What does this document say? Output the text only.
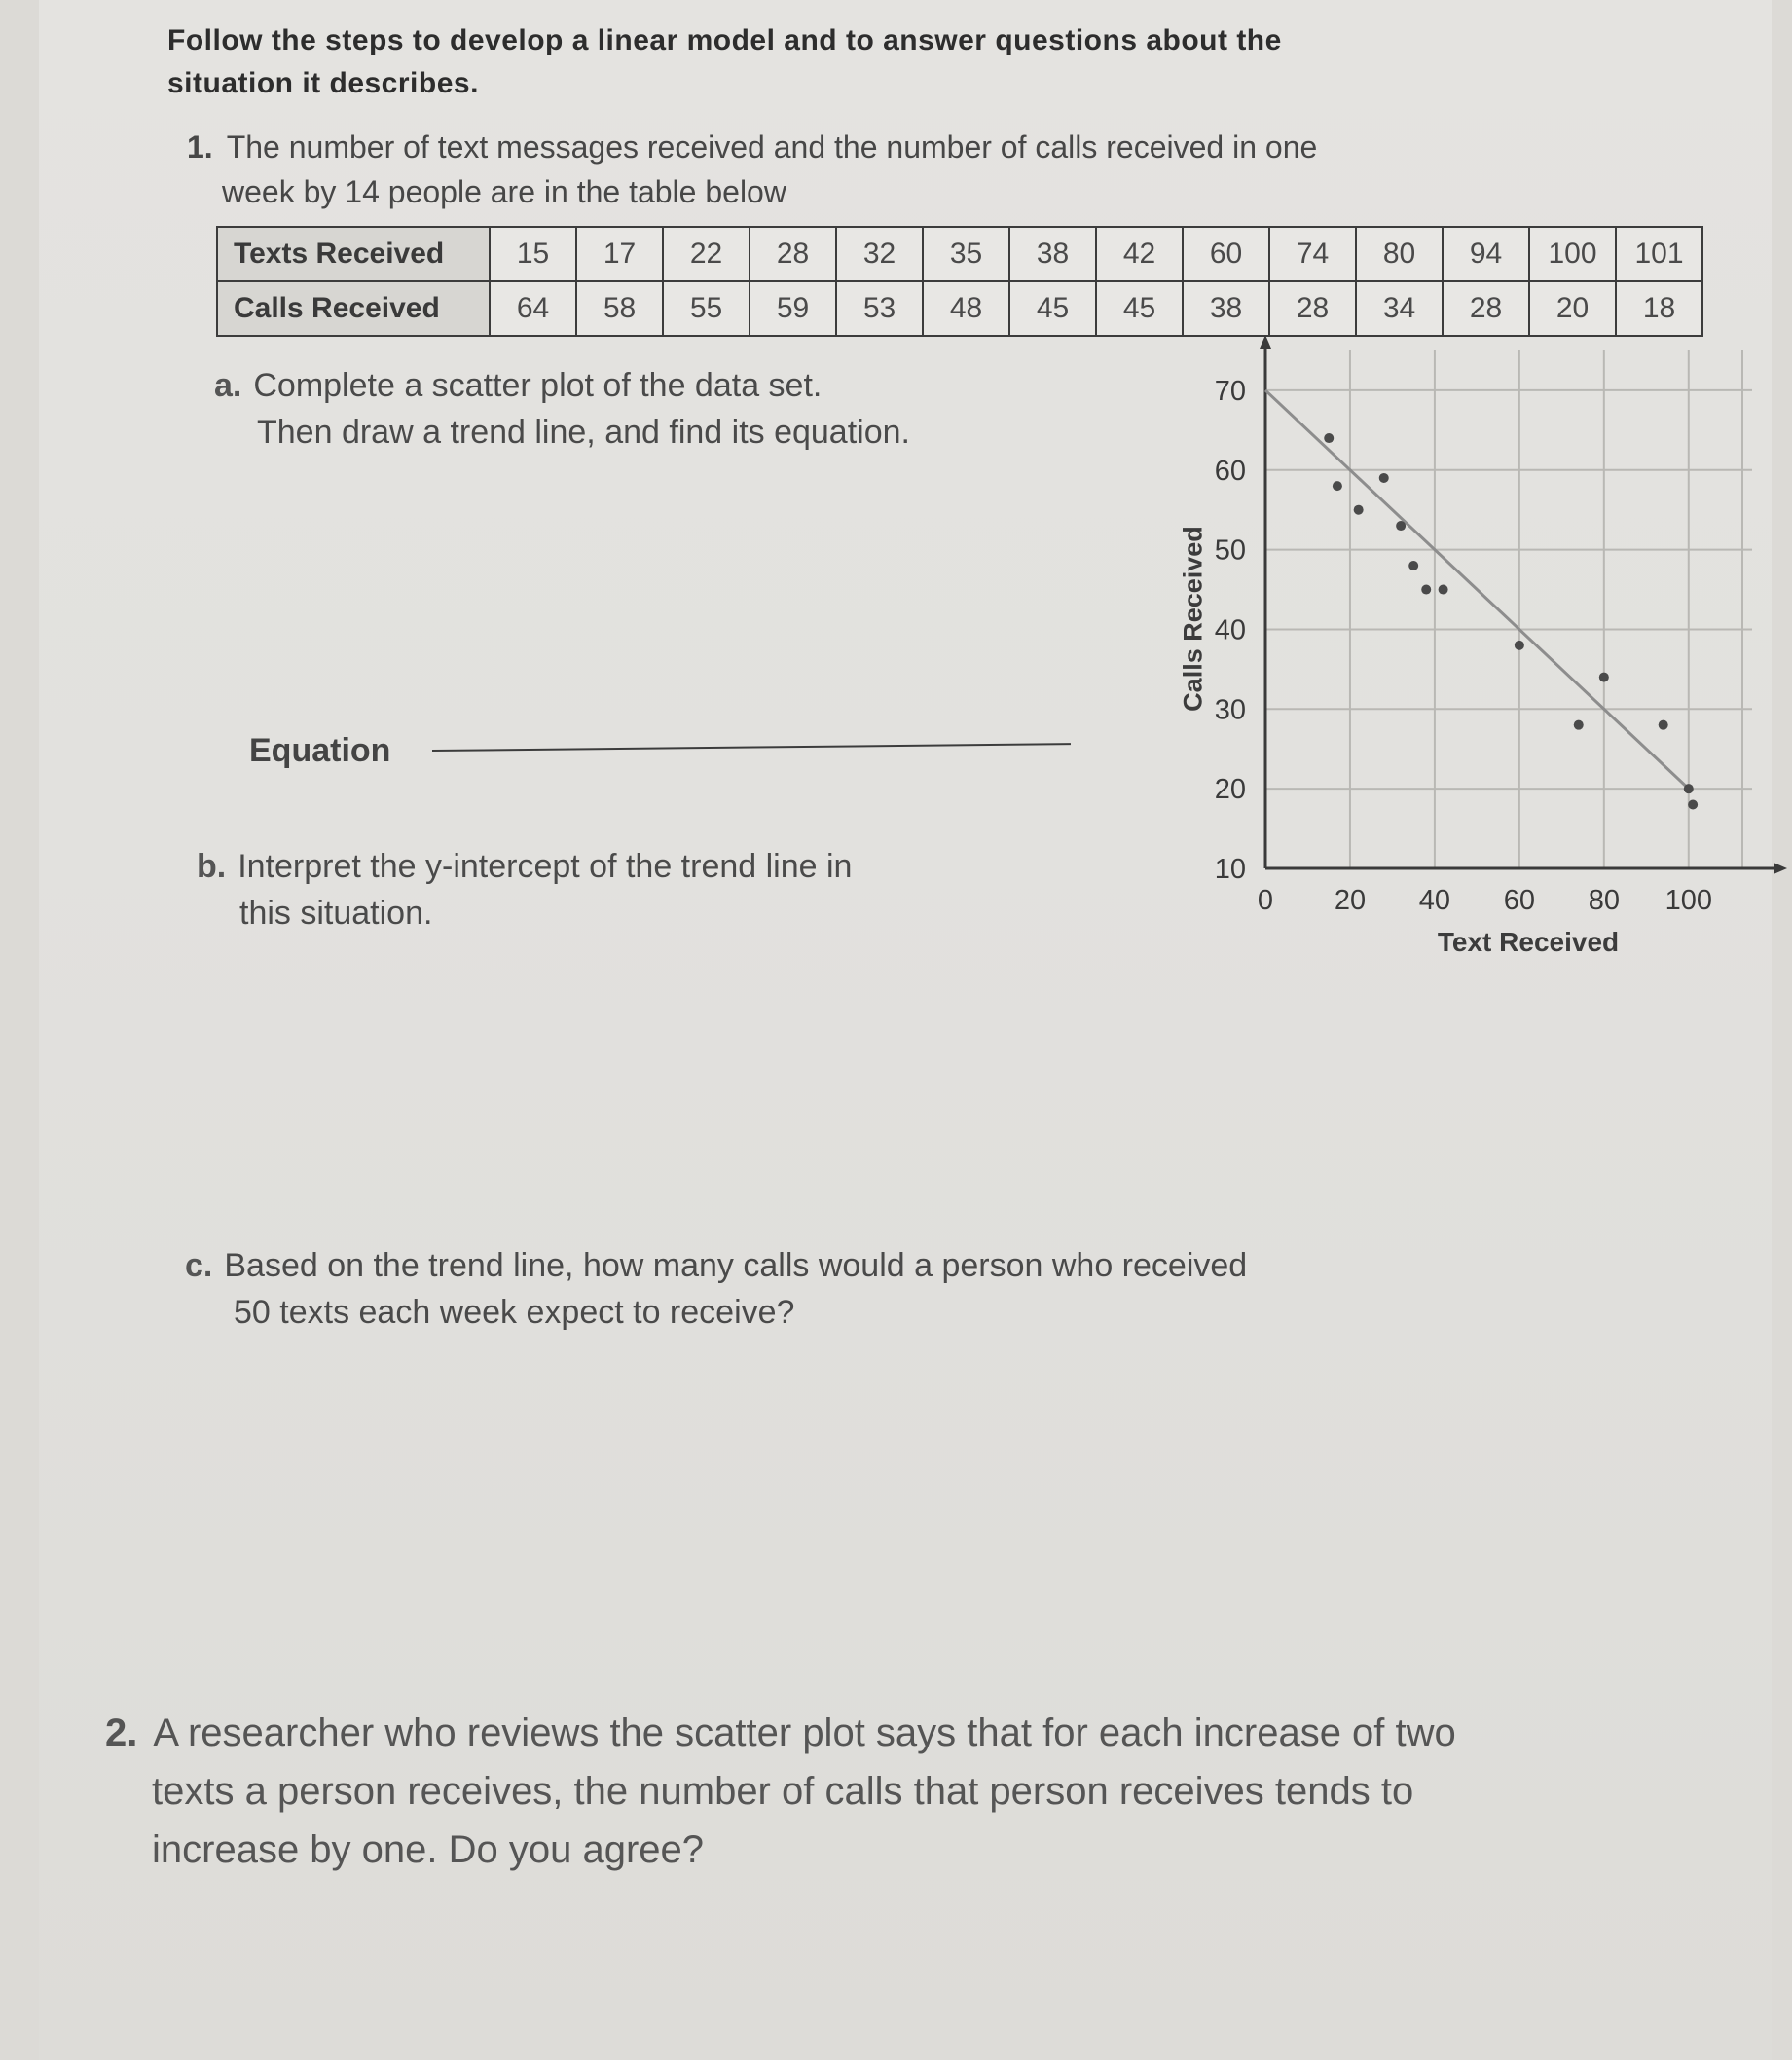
Follow the steps to develop a linear model and to answer questions about the
situation it describes.
1. The number of text messages received and the number of calls received in one
week by 14 people are in the table below
Texts Received	15	17	22	28	32	35	38	42	60	74	80	94	100	101
Calls Received	64	58	55	59	53	48	45	45	38	28	34	28	20	18
a. Complete a scatter plot of the data set.
Then draw a trend line, and find its equation.
Equation
b. Interpret the y-intercept of the trend line in
this situation.	0 20 40 60 80 100
10
20
30
40
50
60
70
Calls Received
Text Received
c. Based on the trend line, how many calls would a person who received
50 texts each week expect to receive?
2. A researcher who reviews the scatter plot says that for each increase of two
texts a person receives, the number of calls that person receives tends to
increase by one. Do you agree?
